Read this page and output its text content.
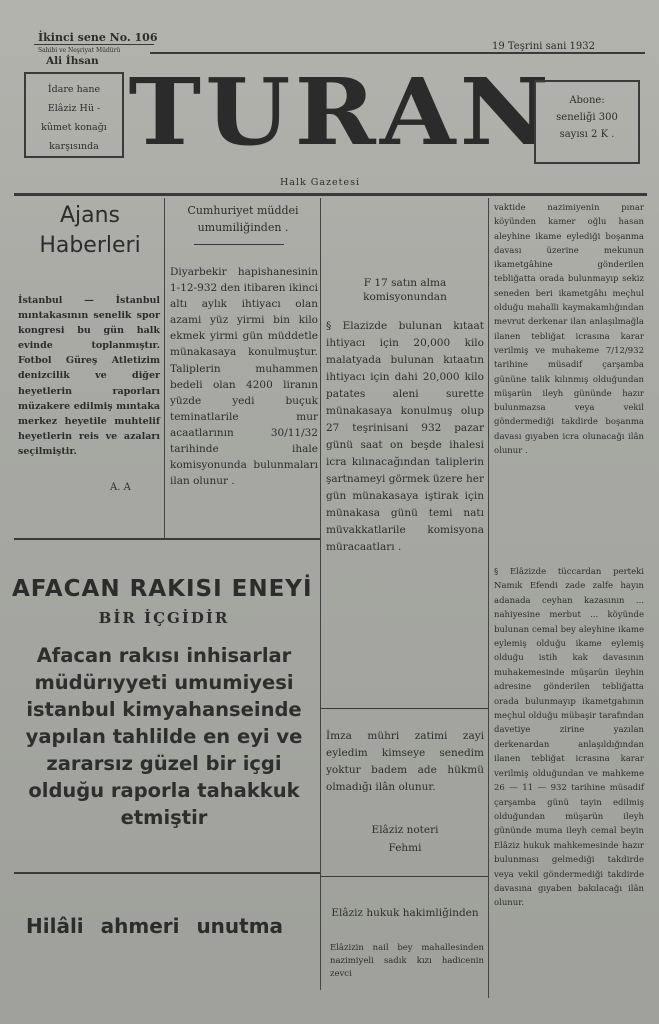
İkinci sene No. 106
19 Teşrini sani 1932
Sahibi ve Neşriyat Müdürü
Ali İhsan
İdare hane
Elâziz Hü -
kûmet konağı
karşısında TURAN	Abone:
seneliği 300
sayısı 2 K .
Halk Gazetesi
Ajans
Haberleri
İstanbul — İstanbul mıntakasının senelik spor kongresi bu gün halk evinde toplanmıştır. Fotbol Güreş Atletizim denizcilik ve diğer heyetlerin raporları müzakere edilmiş mıntaka merkez heyetile muhtelif heyetlerin reis ve azaları seçilmiştir.
A. A
Cumhuriyet müddei umumiliğinden .
Diyarbekir hapishanesinin 1-12-932 den itibaren ikinci altı aylık ihtiyacı olan azami yüz yirmi bin kilo ekmek yirmi gün müddetle münakasaya konulmuştur. Taliplerin muhammen bedeli olan 4200 liranın yüzde yedi buçuk teminatlarile mur acaatlarının 30/11/32 tarihinde ihale komisyonunda bulunmaları ilan olunur .
AFACAN RAKISI ENEYİ
BİR İÇGİDİR
Afacan rakısı inhisarlar
müdürıyyeti umumiyesi
istanbul kimyahanseinde
yapılan tahlilde en eyi ve
zararsız güzel bir içgi
olduğu raporla tahakkuk
etmiştir
Hilâli ahmeri unutma
F 17 satın alma komisyonundan
§ Elazizde bulunan kıtaat ihtiyacı için 20,000 kilo malatyada bulunan kıtaatın ihtiyacı için dahi 20,000 kilo patates aleni surette münakasaya konulmuş olup 27 teşrinisani 932 pazar günü saat on beşde ihalesi icra kılınacağından taliplerin şartnameyi görmek üzere her gün münakasaya iştirak için münakasa günü temi natı müvakkatlarile komisyona müracaatları .
İmza mühri zatimi zayi eyledim kimseye senedim yoktur badem ade hükmü olmadığı ilân olunur.
Elâziz noteri
Fehmi
Elâziz hukuk hakimliğinden
Elâzizin nail bey mahallesinden nazimiyeli sadık kızı hadicenin zevci
vaktide nazimiyenin pınar köyünden kamer oğlu hasan aleyhine ikame eylediği boşanma davası üzerine mekunun ikametgâhine gönderilen tebliğatta orada bulunmayıp sekiz seneden beri ikametgâhı meçhul olduğu mahalli kaymakamlığından mevrut derkenar ilan anlaşılmağla ilanen tebliğat icrasına karar verilmiş ve muhakeme 7/12/932 tarihine müsadif çarşamba gününe talik kılınmış olduğundan müşarün ileyh gününde hazır bulunmazsa veya vekil göndermediği takdirde boşanma davası gıyaben icra olunacağı ilân olunur .
§ Elâzizde tüccardan perteki Namık Efendi zade zalfe hayın adanada ceyhan kazasının ... nahiyesine merbut ... köyünde bulunan cemal bey aleyhine ikame eylemiş olduğu ikame eylemiş olduğu istih kak davasının muhakemesinde müşarün ileyhin adresine gönderilen tebliğatta orada bulunmayıp ikametgahının meçhul olduğu mübaşir tarafından davetiye zirine yazılan derkenardan anlaşıldığından ilanen tebliğat icrasına karar verilmiş olduğundan ve mahkeme 26 — 11 — 932 tarihine müsadif çarşamba günü tayin edilmiş olduğundan müşarün ileyh gününde muma ileyh cemal beyin Elâziz hukuk mahkemesinde hazır bulunması gelmediği takdirde veya vekil göndermediği takdirde davasına gıyaben bakılacağı ilân olunur.
